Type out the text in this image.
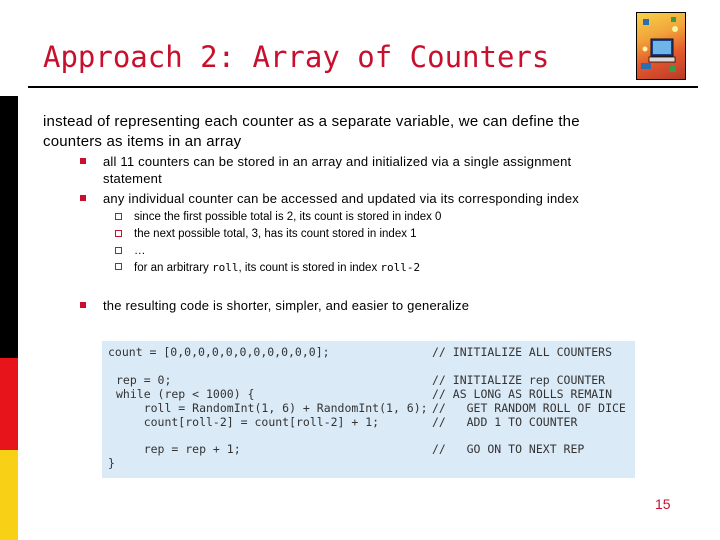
Approach 2: Array of Counters
instead of representing each counter as a separate variable, we can define the
counters as items in an array
all 11 counters can be stored in an array and initialized via a single assignment
statement
any individual counter can be accessed and updated via its corresponding index
since the first possible total is 2, its count is stored in index 0
the next possible total, 3, has its count stored in index 1
…
for an arbitrary roll, its count is stored in index roll-2
the resulting code is shorter, simpler, and easier to generalize
count = [0,0,0,0,0,0,0,0,0,0,0];	// INITIALIZE ALL COUNTERS
rep = 0;	// INITIALIZE rep COUNTER
while (rep < 1000) {	// AS LONG AS ROLLS REMAIN
roll = RandomInt(1, 6) + RandomInt(1, 6); //   GET RANDOM ROLL OF DICE
count[roll-2] = count[roll-2] + 1;	//   ADD 1 TO COUNTER
rep = rep + 1;	//   GO ON TO NEXT REP
}
15
